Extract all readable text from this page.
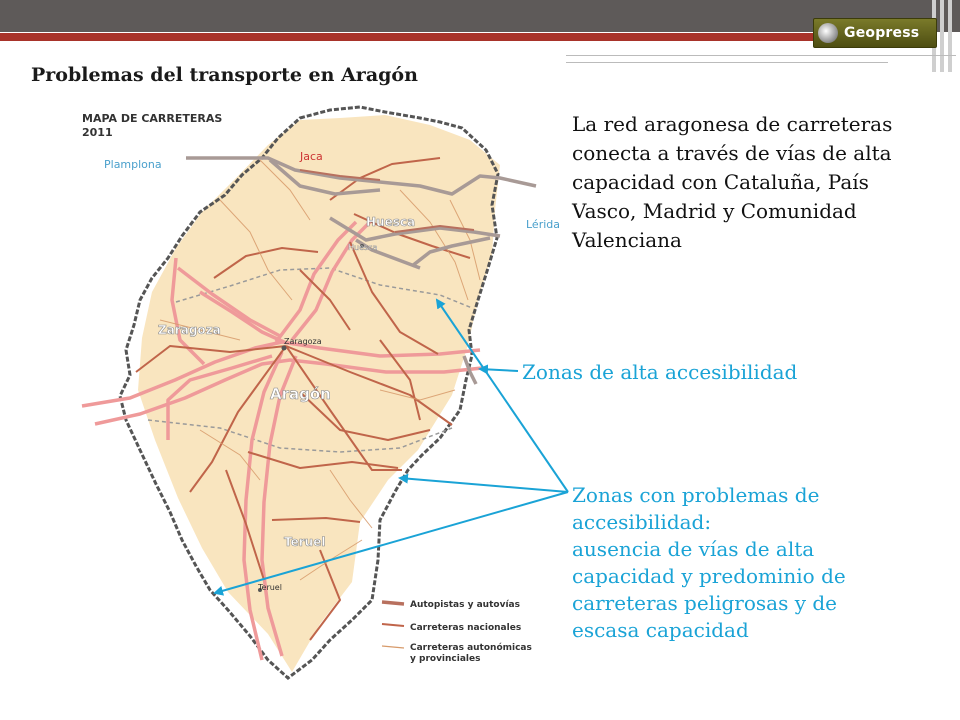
Geopress
Problemas del transporte en Aragón
La red aragonesa de carreteras conecta a través de vías de alta capacidad con Cataluña, País Vasco, Madrid y Comunidad Valenciana
Zonas de alta accesibilidad
Zonas con problemas de accesibilidad:
ausencia de vías de alta capacidad y predominio de carreteras peligrosas y de escasa capacidad
MAPA DE CARRETERAS
2011
Plamplona
Jaca
Lérida
Huesca
Zaragoza
Aragón
Teruel
Huesca
Zaragoza
Teruel
Autopistas y autovías
Carreteras nacionales
Carreteras autonómicas
y provinciales
